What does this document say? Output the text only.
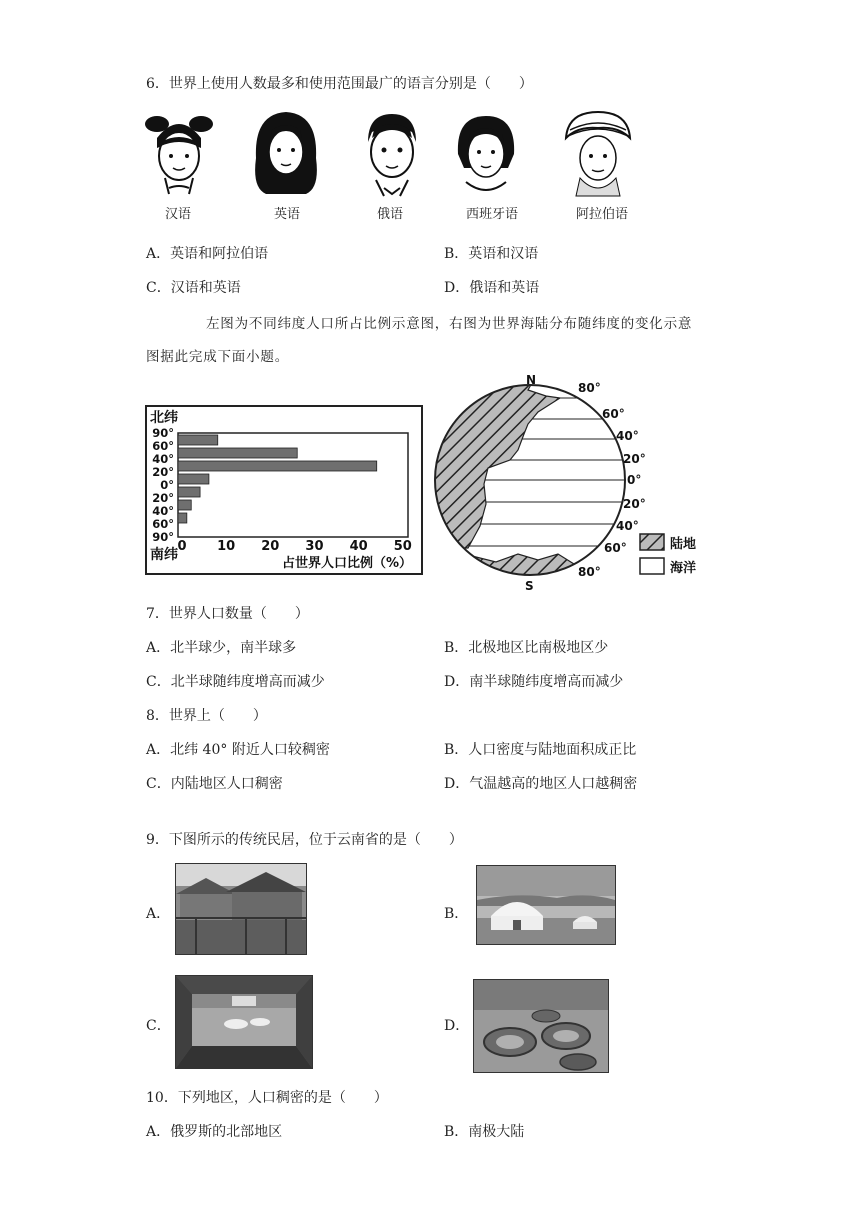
6．世界上使用人数最多和使用范围最广的语言分别是（　　）
汉语	英语	俄语	西班牙语	阿拉伯语
A．英语和阿拉伯语	B．英语和汉语
C．汉语和英语	D．俄语和英语
左图为不同纬度人口所占比例示意图，右图为世界海陆分布随纬度的变化示意
图据此完成下面小题。
北纬
南纬
占世界人口比例（%）
90°
60°
40°
20°
0°
20°
40°
60°
90°
0 10 20 30 40 50
N
S
80°
60°
40°
20°
0°
20°
40°
60°
80°
陆地
海洋
7．世界人口数量（　　）
A．北半球少，南半球多	B．北极地区比南极地区少
C．北半球随纬度增高而减少	D．南半球随纬度增高而减少
8．世界上（　　）
A．北纬 40° 附近人口较稠密	B．人口密度与陆地面积成正比
C．内陆地区人口稠密	D．气温越高的地区人口越稠密
9．下图所示的传统民居，位于云南省的是（　　）
A．	B．
C．	D．
10．下列地区，人口稠密的是（　　）
A．俄罗斯的北部地区	B．南极大陆
